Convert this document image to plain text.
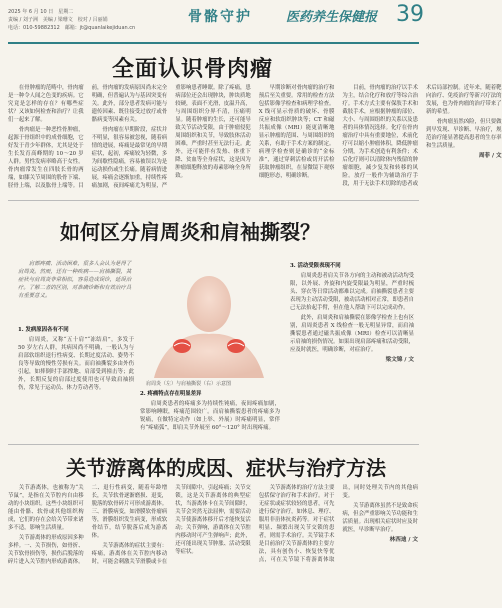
2025 年 6 月 10 日　星期二
责编 / 刘子洲　美编 / 梁珊文　校对 / 吕丽娟
电话：010-59882312　邮箱：jt@quanlaikejiduan.cn
骨骼守护	医药养生保健报 39
全面认识骨肉瘤

在骨肿瘤的范畴中，骨肉瘤是一种令人闻之色变的疾病。它究竟是怎样的存在？有哪些症状？又该如何检查和治疗？让我们一起来了解。

骨肉瘤是一种恶性骨肿瘤，起源于骨组织中的成骨细胞，它好发于青少年群体，尤其是处于生长发育高峰期的 10～20 岁人群。男性发病率略高于女性。骨肉瘤常发生在四肢长骨的两端，如膝关节周围的股骨下端、胫骨上端，以及肱骨上端等。目前，骨肉瘤的发病原因尚未完全明确，但普遍认为与基因突变有关。此外，部分患者发病可能与遗传因素、既往接受过放疗或骨骼病变等因素有关。

骨肉瘤在早期阶段，症状并不明显，很容易被忽视，随着病情的进展，疼痛是最常见的早期症状，起初，疼痛较为轻微，多为间歇性隐痛，容易被误以为是运动损伤或生长痛。随着病情进展，疼痛会逐渐加重，持续性疼痛加剧，夜间疼痛尤为明显，严重影响患者睡眠。除了疼痛，患病部位还会出现肿块，肿块质地较硬，表面不光滑，皮温升高，与周围组织分界不清，压痛明显。随着肿瘤的生长，还可能导致关节活动受限，由于肿瘤侵犯周围组织和关节，导致肢体活动困难，严重时甚至无法行走。此外，还可能伴有发热、体重下降、贫血等全身症状，这是因为肿瘤细胞释放的毒素影响全身所致。

早期诊断对骨肉瘤的治疗和预后至关重要。常用的检查方法包括影像学检查和病理学检查。X 线可显示骨质的破坏、骨膜反应和软组织肿块等；CT 和磁共振成像（MRI）能更清晰地显示肿瘤的范围、与周围组织的关系，有助于手术方案的制定。病理学检查则是确诊的“金标准”，通过穿刺活检或切开活检获取肿瘤组织，在显微镜下观察细胞形态，明确诊断。

目前，骨肉瘤的治疗以手术为主，结合化疗和放疗等综合治疗。手术方式主要有保肢手术和截肢手术，应根据肿瘤的部位、大小、与周围组织的关系以及患者的具体情况选择。化疗在骨肉瘤治疗中具有重要地位，术前化疗可以缩小肿瘤体积，降低肿瘤分期，为手术创造有利条件；术后化疗则可以清除体内残留的肿瘤细胞，减少复发和转移的风险。放疗一般作为辅助治疗手段，用于无法手术切除的患者或术后局部控制。近年来，随着靶向治疗、免疫治疗等新兴疗法的发展，也为骨肉瘤的治疗带来了新的希望。

骨肉瘤虽然凶险，但只要做到早发现、早诊断、早治疗，规范治疗能显著提高患者的生存率和生活质量。

周菲 / 文

如何区分肩周炎和肩袖撕裂？

肩部疼痛、活动困难，很多人会认为是得了肩周炎。然而，还有一种疾病——肩袖撕裂，其症状与肩周炎非常相似，容易造成误诊，延误治疗。了解二者的区别，对准确诊断和有效治疗具有重要意义。

肩周炎（左）与肩袖撕裂（右）示意图

1. 发病原因各有不同

肩周炎，又称“五十肩”“冻结肩”，多发于 50 岁左右人群，其病因尚不明确，一般认为与肩部软组织退行性病变、长期过度活动、姿势不良等导致的慢性劳损有关。而肩袖撕裂多由外伤引起，如摔倒时手部撑地、肩部受到撞击等；此外，长期反复的肩部过度使用也可导致肩袖损伤，常见于运动员、体力劳动者等。

2. 疼痛特点存在明显差异

肩周炎患者的疼痛多为持续性钝痛，夜间疼痛加剧，常影响睡眠，疼痛范围较广。而肩袖撕裂患者的疼痛多为锐痛，在做特定动作（如上举、外展）时疼痛明显，常伴有“疼痛弧”，即肩关节外展至 60°～120° 时出现疼痛。

3. 活动受限表现不同

肩周炎患者肩关节各方向的主动和被动活动均受限，以外展、外旋和内旋受限最为明显，严重时梳头、穿衣等日常活动都难以完成。肩袖撕裂患者主要表现为主动活动受限，被动活动相对正常，即患者自己无法抬起手臂，但在他人帮助下可以完成动作。

此外，肩周炎和肩袖撕裂在影像学检查上也有区别，肩周炎患者 X 线检查一般无明显异常，而肩袖撕裂患者通过磁共振成像（MRI）检查可以清晰显示肩袖的损伤情况。如果出现肩部疼痛和活动受限，应及时就医，明确诊断，对症治疗。

梁文锦 / 文

关节游离体的成因、症状与治疗方法

关节游离体，也被称为“关节鼠”，是指在关节腔内自由移动的小块组织。这些小块组织可能由骨骼、软骨或其他组织构成，它们的存在会给关节带来诸多不适，影响生活质量。

关节游离体的形成原因多种多样。一、关节损伤，如骨折、关节软骨损伤等，损伤后脱落的碎片进入关节腔内形成游离体。二、退行性病变，随着年龄增长，关节软骨逐渐磨损、退变，脱落的软骨碎片可形成游离体。三、滑膜病变，如滑膜软骨瘤病等，滑膜组织发生病变，形成软骨结节，结节脱落后成为游离体。

关节游离体的症状主要有：疼痛，游离体在关节腔内移动时，可能会刺激关节滑膜或卡在关节间隙中，引起疼痛；关节交锁，这是关节游离体的典型症状，当游离体卡在关节间隙时，关节会突然无法屈伸，需要活动关节使游离体移开后才能恢复活动；关节弹响，游离体在关节腔内移动时可产生弹响声；此外，还可能出现关节肿胀、活动受限等症状。

关节游离体的治疗方法主要包括保守治疗和手术治疗。对于无症状或症状较轻的患者，可先进行保守治疗，如休息、理疗、服用非甾体抗炎药等。对于症状明显、频繁出现关节交锁的患者，则需手术治疗。关节镜手术是目前治疗关节游离体的主要方法，具有创伤小、恢复快等优点，可在关节镜下将游离体取出，同时处理关节内的其他病变。

关节游离体虽然不是致命疾病，但会严重影响关节功能和生活质量。出现相关症状时应及时就医，早诊断早治疗。

林西迪 / 文
